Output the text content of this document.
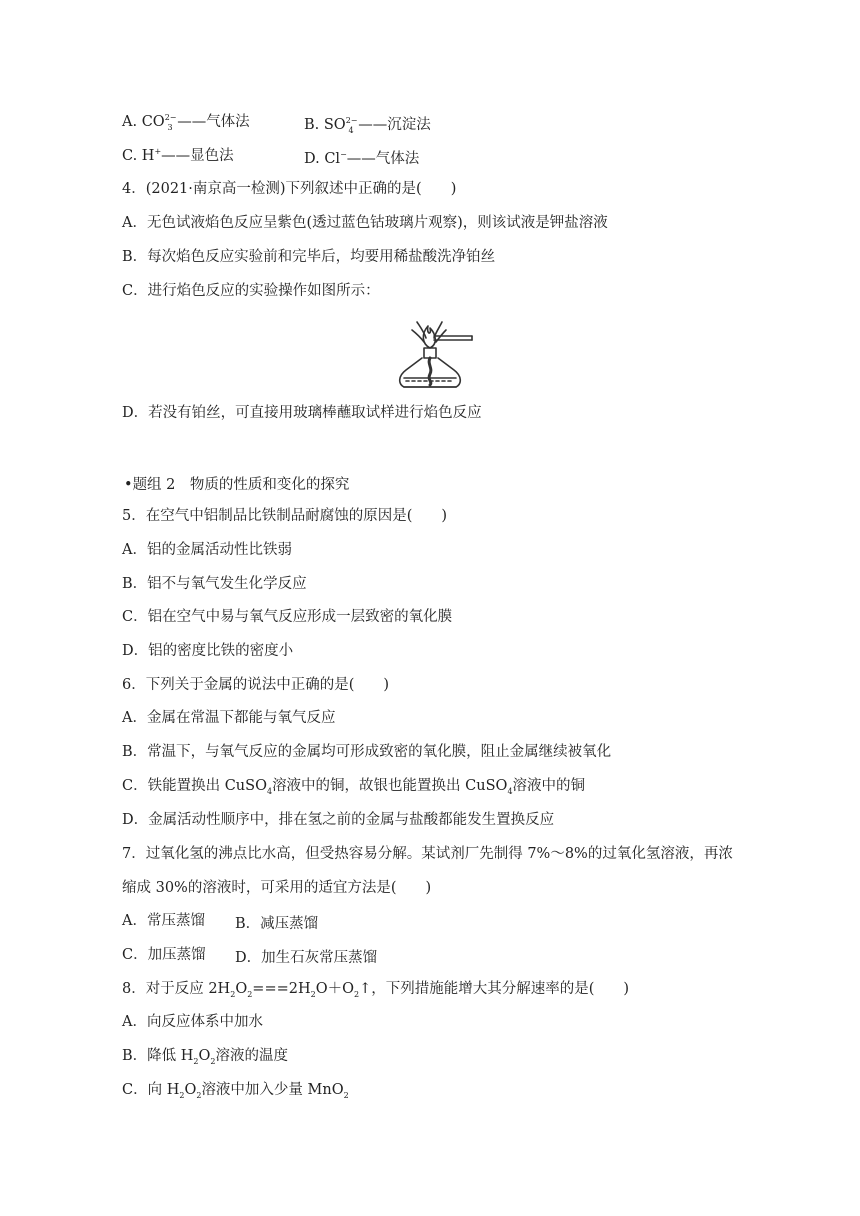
A. $CO^{2-}_3$ ——气体法	B. $SO^{2-}_4$ ——沉淀法
C. H+——显色法	D. Cl−——气体法
4．(2021·南京高一检测)下列叙述中正确的是(　　)
A．无色试液焰色反应呈紫色(透过蓝色钴玻璃片观察)，则该试液是钾盐溶液
B．每次焰色反应实验前和完毕后，均要用稀盐酸洗净铂丝
C．进行焰色反应的实验操作如图所示：
D．若没有铂丝，可直接用玻璃棒蘸取试样进行焰色反应
•题组 2　物质的性质和变化的探究
5．在空气中铝制品比铁制品耐腐蚀的原因是(　　)
A．铝的金属活动性比铁弱
B．铝不与氧气发生化学反应
C．铝在空气中易与氧气反应形成一层致密的氧化膜
D．铝的密度比铁的密度小
6．下列关于金属的说法中正确的是(　　)
A．金属在常温下都能与氧气反应
B．常温下，与氧气反应的金属均可形成致密的氧化膜，阻止金属继续被氧化
C．铁能置换出 CuSO$_4$溶液中的铜，故银也能置换出 CuSO$_4$溶液中的铜
D．金属活动性顺序中，排在氢之前的金属与盐酸都能发生置换反应
7．过氧化氢的沸点比水高，但受热容易分解。某试剂厂先制得 7%～8%的过氧化氢溶液，再浓
缩成 30%的溶液时，可采用的适宜方法是(　　)
A．常压蒸馏 B．减压蒸馏
C．加压蒸馏 D．加生石灰常压蒸馏
8．对于反应 $2H_2O_2===2H_2O+O_2↑$，下列措施能增大其分解速率的是(　　)
A．向反应体系中加水
B．降低 $H_2O_2$溶液的温度
C．向 $H_2O_2$溶液中加入少量 MnO$_2$
